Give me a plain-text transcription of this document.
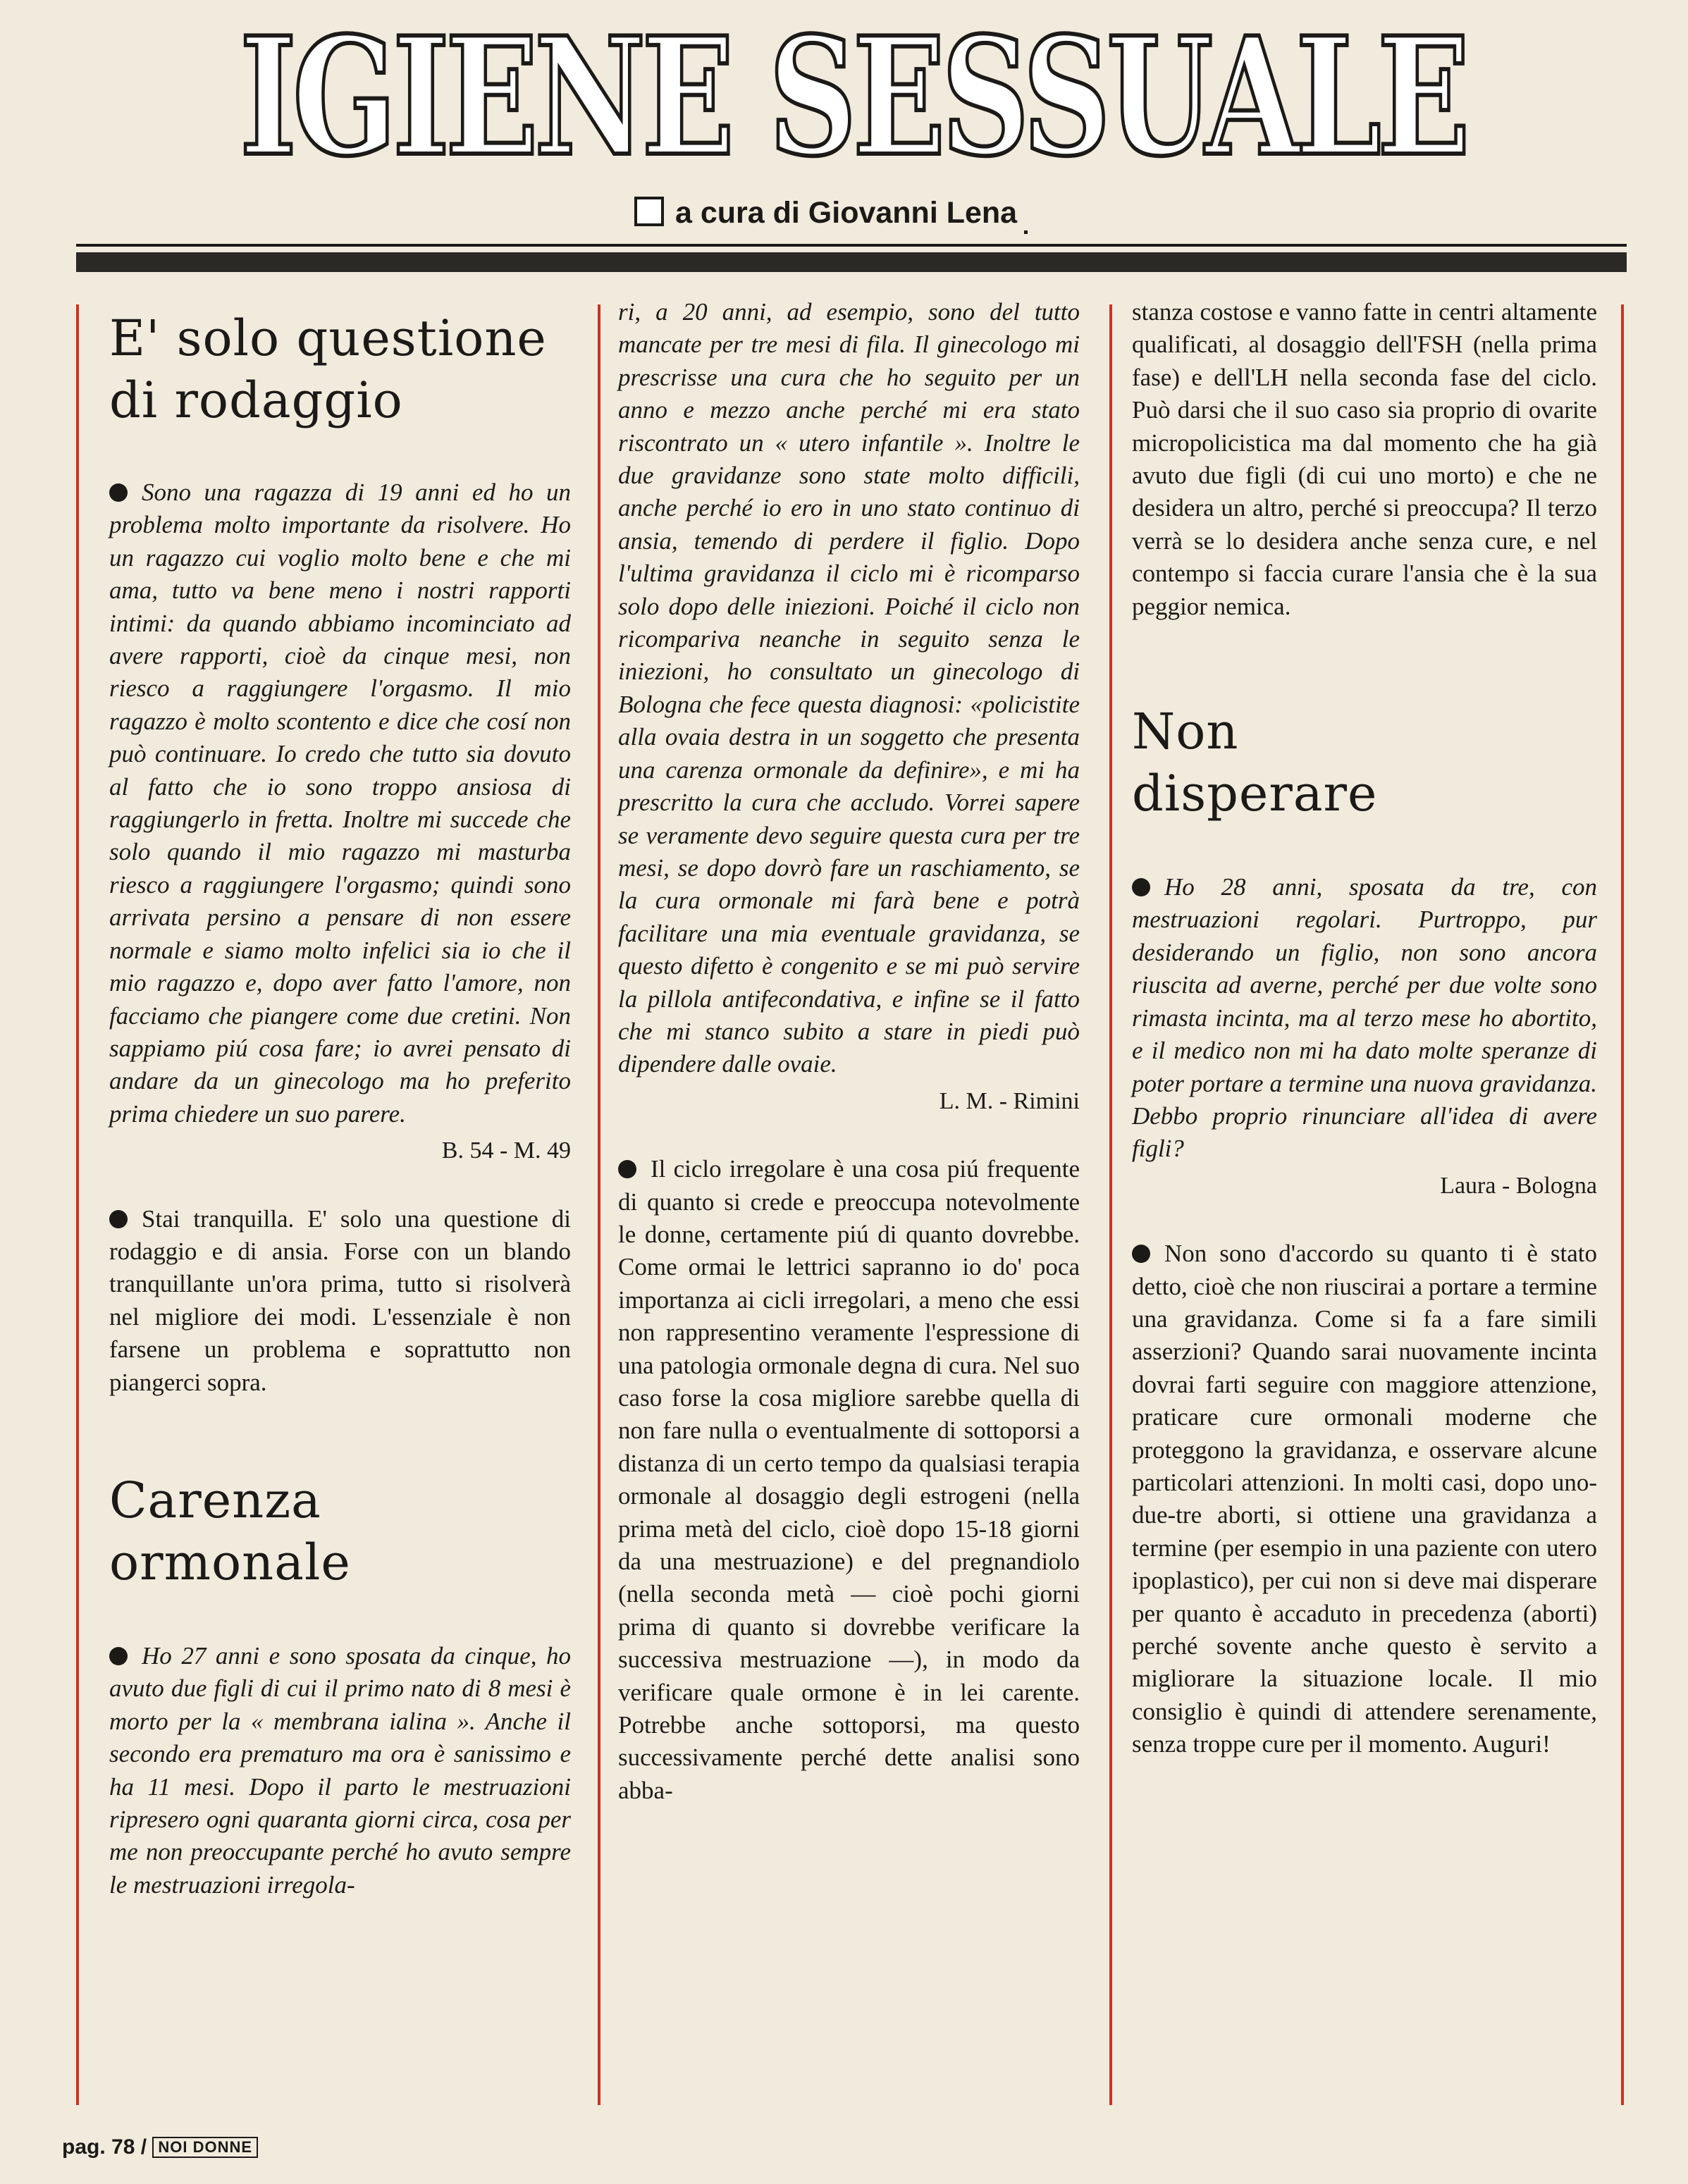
IGIENE SESSUALE
a cura di Giovanni Lena
E' solo questione
di rodaggio

Sono una ragazza di 19 anni ed ho un problema molto importante da risolvere. Ho un ragazzo cui voglio molto bene e che mi ama, tutto va bene meno i nostri rapporti intimi: da quando abbiamo incominciato ad avere rapporti, cioè da cinque mesi, non riesco a raggiungere l'orgasmo. Il mio ragazzo è molto scontento e dice che cosí non può continuare. Io credo che tutto sia dovuto al fatto che io sono troppo ansiosa di raggiungerlo in fretta. Inoltre mi succede che solo quando il mio ragazzo mi masturba riesco a raggiungere l'orgasmo; quindi sono arrivata persino a pensare di non essere normale e siamo molto infelici sia io che il mio ragazzo e, dopo aver fatto l'amore, non facciamo che piangere come due cretini. Non sappiamo piú cosa fare; io avrei pensato di andare da un ginecologo ma ho preferito prima chiedere un suo parere.

B. 54 - M. 49

Stai tranquilla. E' solo una questione di rodaggio e di ansia. Forse con un blando tranquillante un'ora prima, tutto si risolverà nel migliore dei modi. L'essenziale è non farsene un problema e soprattutto non piangerci sopra.

Carenza
ormonale

Ho 27 anni e sono sposata da cinque, ho avuto due figli di cui il primo nato di 8 mesi è morto per la « membrana ialina ». Anche il secondo era prematuro ma ora è sanissimo e ha 11 mesi. Dopo il parto le mestruazioni ripresero ogni quaranta giorni circa, cosa per me non preoccupante perché ho avuto sempre le mestruazioni irregola-

ri, a 20 anni, ad esempio, sono del tutto mancate per tre mesi di fila. Il ginecologo mi prescrisse una cura che ho seguito per un anno e mezzo anche perché mi era stato riscontrato un « utero infantile ». Inoltre le due gravidanze sono state molto difficili, anche perché io ero in uno stato continuo di ansia, temendo di perdere il figlio. Dopo l'ultima gravidanza il ciclo mi è ricomparso solo dopo delle iniezioni. Poiché il ciclo non ricompariva neanche in seguito senza le iniezioni, ho consultato un ginecologo di Bologna che fece questa diagnosi: «policistite alla ovaia destra in un soggetto che presenta una carenza ormonale da definire», e mi ha prescritto la cura che accludo. Vorrei sapere se veramente devo seguire questa cura per tre mesi, se dopo dovrò fare un raschiamento, se la cura ormonale mi farà bene e potrà facilitare una mia eventuale gravidanza, se questo difetto è congenito e se mi può servire la pillola antifecondativa, e infine se il fatto che mi stanco subito a stare in piedi può dipendere dalle ovaie.

L. M. - Rimini

Il ciclo irregolare è una cosa piú frequente di quanto si crede e preoccupa notevolmente le donne, certamente piú di quanto dovrebbe. Come ormai le lettrici sapranno io do' poca importanza ai cicli irregolari, a meno che essi non rappresentino veramente l'espressione di una patologia ormonale degna di cura. Nel suo caso forse la cosa migliore sarebbe quella di non fare nulla o eventualmente di sottoporsi a distanza di un certo tempo da qualsiasi terapia ormonale al dosaggio degli estrogeni (nella prima metà del ciclo, cioè dopo 15-18 giorni da una mestruazione) e del pregnandiolo (nella seconda metà — cioè pochi giorni prima di quanto si dovrebbe verificare la successiva mestruazione —), in modo da verificare quale ormone è in lei carente. Potrebbe anche sottoporsi, ma questo successivamente perché dette analisi sono abba-

stanza costose e vanno fatte in centri altamente qualificati, al dosaggio dell'FSH (nella prima fase) e dell'LH nella seconda fase del ciclo. Può darsi che il suo caso sia proprio di ovarite micropolicistica ma dal momento che ha già avuto due figli (di cui uno morto) e che ne desidera un altro, perché si preoccupa? Il terzo verrà se lo desidera anche senza cure, e nel contempo si faccia curare l'ansia che è la sua peggior nemica.

Non
disperare

Ho 28 anni, sposata da tre, con mestruazioni regolari. Purtroppo, pur desiderando un figlio, non sono ancora riuscita ad averne, perché per due volte sono rimasta incinta, ma al terzo mese ho abortito, e il medico non mi ha dato molte speranze di poter portare a termine una nuova gravidanza. Debbo proprio rinunciare all'idea di avere figli?

Laura - Bologna

Non sono d'accordo su quanto ti è stato detto, cioè che non riuscirai a portare a termine una gravidanza. Come si fa a fare simili asserzioni? Quando sarai nuovamente incinta dovrai farti seguire con maggiore attenzione, praticare cure ormonali moderne che proteggono la gravidanza, e osservare alcune particolari attenzioni. In molti casi, dopo uno-due-tre aborti, si ottiene una gravidanza a termine (per esempio in una paziente con utero ipoplastico), per cui non si deve mai disperare per quanto è accaduto in precedenza (aborti) perché sovente anche questo è servito a migliorare la situazione locale. Il mio consiglio è quindi di attendere serenamente, senza troppe cure per il momento. Auguri!

pag. 78 / NOI DONNE
